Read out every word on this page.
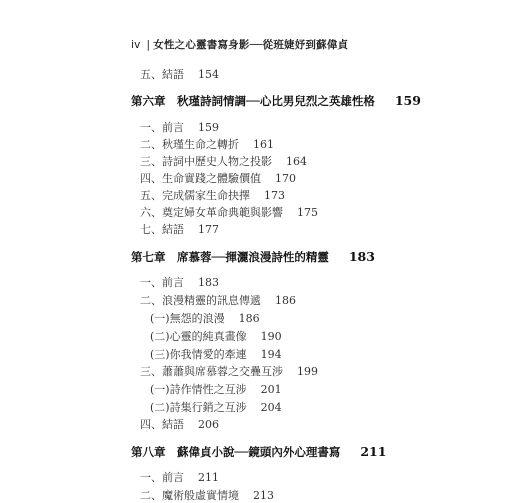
iv | 女性之心靈書寫身影──從班婕妤到蘇偉貞
五、結語 154
第六章　秋瑾詩詞情調──心比男兒烈之英雄性格 159
一、前言 159
二、秋瑾生命之轉折 161
三、詩詞中歷史人物之投影 164
四、生命實踐之體驗價值 170
五、完成儒家生命抉擇 173
六、奠定婦女革命典範與影響 175
七、結語 177
第七章　席慕蓉──揮灑浪漫詩性的精靈 183
一、前言 183
二、浪漫精靈的訊息傳遞 186
(一)無怨的浪漫 186
(二)心靈的純真畫像 190
(三)你我情愛的牽連 194
三、蕭蕭與席慕蓉之交疊互涉 199
(一)詩作情性之互涉 201
(二)詩集行銷之互涉 204
四、結語 206
第八章　蘇偉貞小說──鏡頭內外心理書寫 211
一、前言 211
二、魔術般虛實情境 213
